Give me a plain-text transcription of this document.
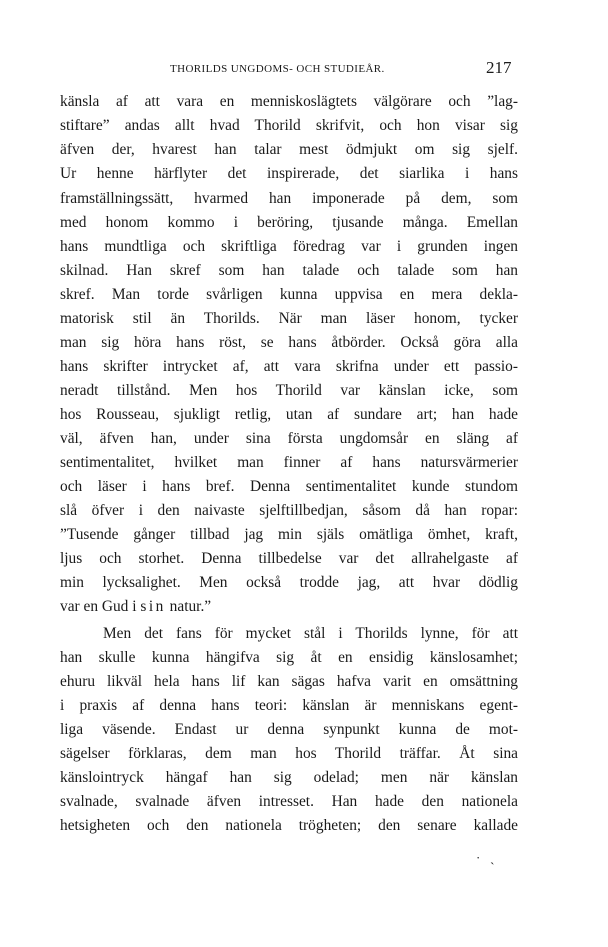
THORILDS UNGDOMS- OCH STUDIEÅR.	217
känsla af att vara en menniskoslägtets välgörare och ”lag-
stiftare” andas allt hvad Thorild skrifvit, och hon visar sig
äfven der, hvarest han talar mest ödmjukt om sig sjelf.
Ur henne härflyter det inspirerade, det siarlika i hans
framställningssätt, hvarmed han imponerade på dem, som
med honom kommo i beröring, tjusande många. Emellan
hans mundtliga och skriftliga föredrag var i grunden ingen
skilnad. Han skref som han talade och talade som han
skref. Man torde svårligen kunna uppvisa en mera dekla-
matorisk stil än Thorilds. När man läser honom, tycker
man sig höra hans röst, se hans åtbörder. Också göra alla
hans skrifter intrycket af, att vara skrifna under ett passio-
neradt tillstånd. Men hos Thorild var känslan icke, som
hos Rousseau, sjukligt retlig, utan af sundare art; han hade
väl, äfven han, under sina första ungdomsår en släng af
sentimentalitet, hvilket man finner af hans natursvärmerier
och läser i hans bref. Denna sentimentalitet kunde stundom
slå öfver i den naivaste sjelftillbedjan, såsom då han ropar:
”Tusende gånger tillbad jag min själs omätliga ömhet, kraft,
ljus och storhet. Denna tillbedelse var det allrahelgaste af
min lycksalighet. Men också trodde jag, att hvar dödlig
var en Gud i sin natur.”
Men det fans för mycket stål i Thorilds lynne, för att
han skulle kunna hängifva sig åt en ensidig känslosamhet;
ehuru likväl hela hans lif kan sägas hafva varit en omsättning
i praxis af denna hans teori: känslan är menniskans egent-
liga väsende. Endast ur denna synpunkt kunna de mot-
sägelser förklaras, dem man hos Thorild träffar. Åt sina
känslointryck hängaf han sig odelad; men när känslan
svalnade, svalnade äfven intresset. Han hade den nationela
hetsigheten och den nationela trögheten; den senare kallade
·   ˎ
